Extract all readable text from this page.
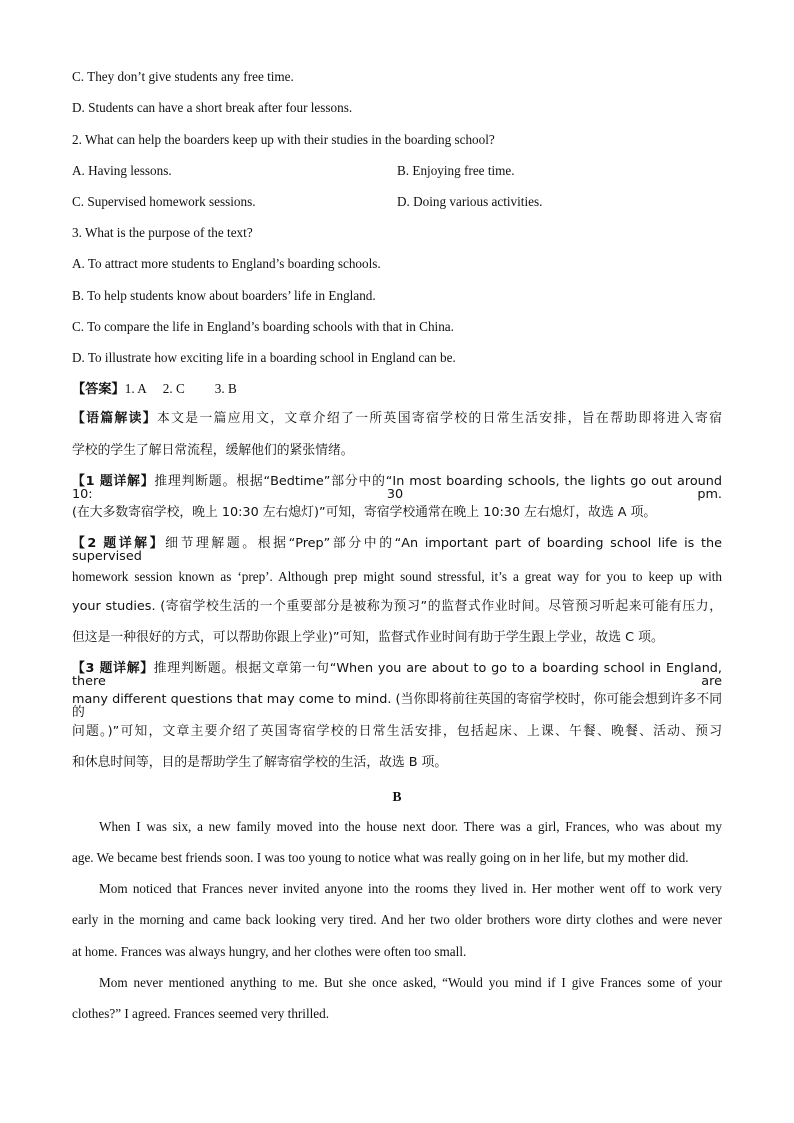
C. They don’t give students any free time.
D. Students can have a short break after four lessons.
2. What can help the boarders keep up with their studies in the boarding school?
A. Having lessons.	B. Enjoying free time.
C. Supervised homework sessions.	D. Doing various activities.
3. What is the purpose of the text?
A. To attract more students to England’s boarding schools.
B. To help students know about boarders’ life in England.
C. To compare the life in England’s boarding schools with that in China.
D. To illustrate how exciting life in a boarding school in England can be.
【答案】1. A 2. C 3. B
【语篇解读】本文是一篇应用文，文章介绍了一所英国寄宿学校的日常生活安排，旨在帮助即将进入寄宿
学校的学生了解日常流程，缓解他们的紧张情绪。
【1 题详解】推理判断题。根据“Bedtime”部分中的“In most boarding schools, the lights go out around 10: 30 pm.
(在大多数寄宿学校，晚上 10:30 左右熄灯)”可知，寄宿学校通常在晚上 10:30 左右熄灯，故选 A 项。
【2 题详解】细节理解题。根据“Prep”部分中的“An important part of boarding school life is the supervised
homework session known as ‘prep’. Although prep might sound stressful, it’s a great way for you to keep up with
your studies. (寄宿学校生活的一个重要部分是被称为预习”的监督式作业时间。尽管预习听起来可能有压力，
但这是一种很好的方式，可以帮助你跟上学业)”可知，监督式作业时间有助于学生跟上学业，故选 C 项。
【3 题详解】推理判断题。根据文章第一句“When you are about to go to a boarding school in England, there are
many different questions that may come to mind. (当你即将前往英国的寄宿学校时，你可能会想到许多不同的
问题。)”可知，文章主要介绍了英国寄宿学校的日常生活安排，包括起床、上课、午餐、晚餐、活动、预习
和休息时间等，目的是帮助学生了解寄宿学校的生活，故选 B 项。
B
When I was six, a new family moved into the house next door. There was a girl, Frances, who was about my
age. We became best friends soon. I was too young to notice what was really going on in her life, but my mother did.
Mom noticed that Frances never invited anyone into the rooms they lived in. Her mother went off to work very
early in the morning and came back looking very tired. And her two older brothers wore dirty clothes and were never
at home. Frances was always hungry, and her clothes were often too small.
Mom never mentioned anything to me. But she once asked, “Would you mind if I give Frances some of your
clothes?” I agreed. Frances seemed very thrilled.
